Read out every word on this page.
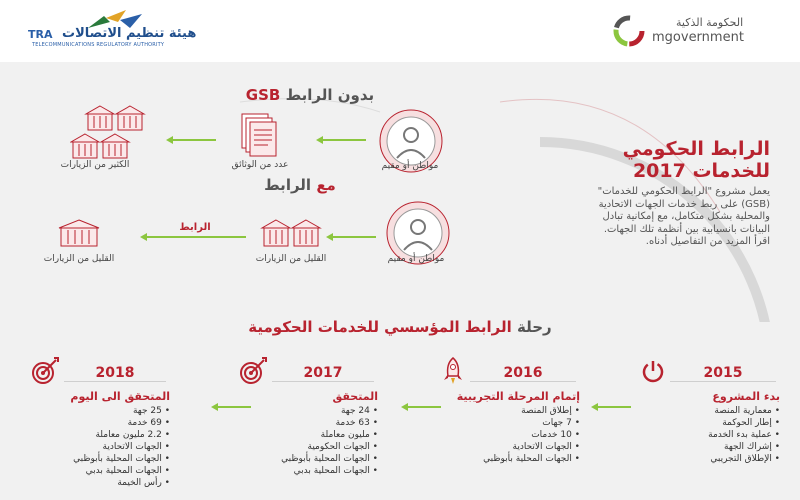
TRA هيئة تنظيم الاتصالات
TELECOMMUNICATIONS REGULATORY AUTHORITY
الحكومة الذكية
mgovernment
الرابط الحكومي
للخدمات 2017
يعمل مشروع "الرابط الحكومي للخدمات"(GSB) على ربط خدمات الجهات الاتحادية والمحلية بشكل متكامل، مع إمكانية تبادل البيانات بانسيابية بين أنظمة تلك الجهات. اقرأ المزيد من التفاصيل أدناه.
GSB بدون الرابط
مواطن أو مقيم
عدد من الوثائق
الكثير من الزيارات
مع الرابط
مواطن أو مقيم
القليل من الزيارات
الرابط
القليل من الزيارات
رحلة الرابط المؤسسي للخدمات الحكومية
2015
بدء المشروع
• معمارية المنصة
• إطار الحوكمة
• عملية بدء الخدمة
• إشراك الجهة
• الإطلاق التجريبي
2016
إتمام المرحلة التجريبية
• إطلاق المنصة
• 7 جهات
• 10 خدمات
• الجهات الاتحادية
• الجهات المحلية بأبوظبي
2017
المتحقق
• 24 جهة
• 63 خدمة
• مليون معاملة
• الجهات الحكومية
• الجهات المحلية بأبوظبي
• الجهات المحلية بدبي
2018
المتحقق الى اليوم
• 25 جهة
• 69 خدمة
• 2.2 مليون معاملة
• الجهات الاتحادية
• الجهات المحلية بأبوظبي
• الجهات المحلية بدبي
• رأس الخيمة
